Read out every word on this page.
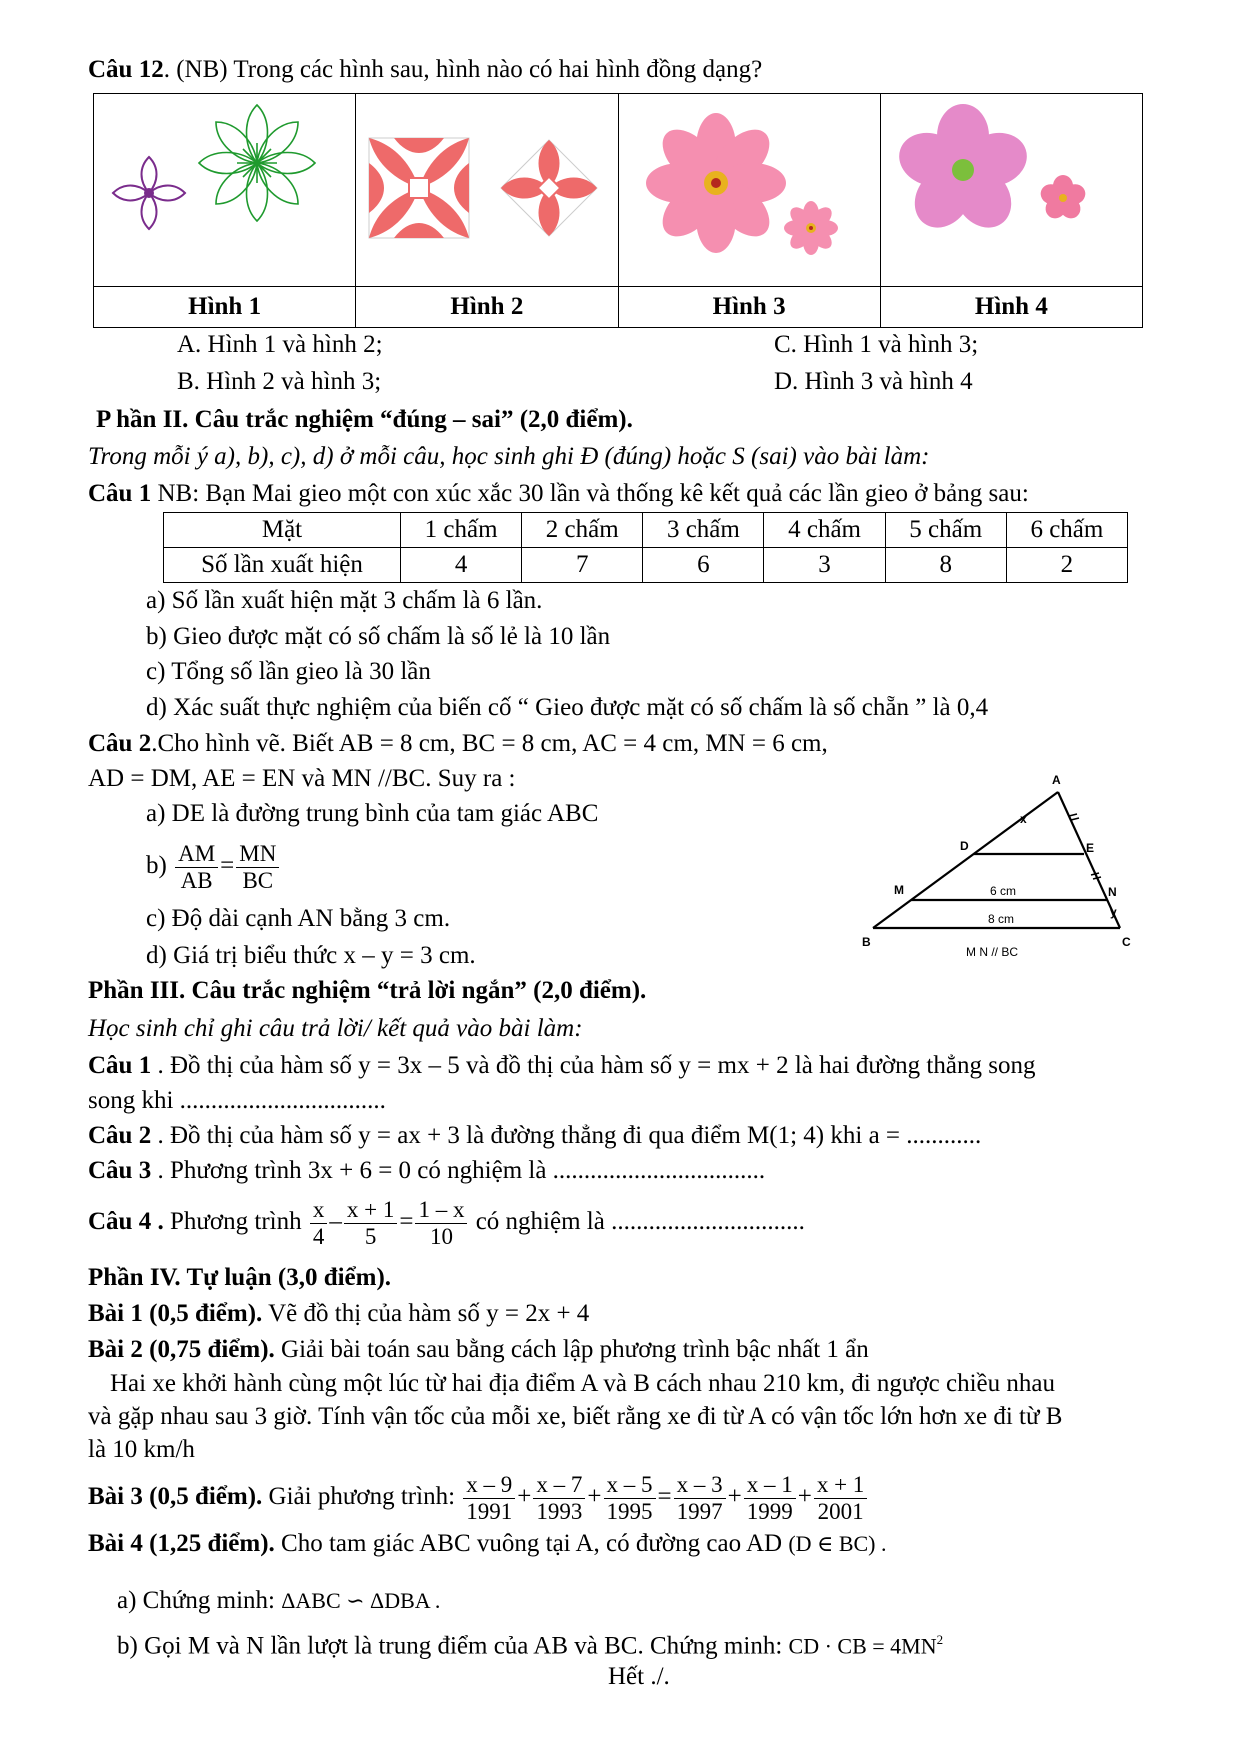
Câu 12. (NB) Trong các hình sau, hình nào có hai hình đồng dạng?

Hình 1	Hình 2	Hình 3	Hình 4
A. Hình 1 và hình 2;	C. Hình 1 và hình 3;
B. Hình 2 và hình 3;	D. Hình 3 và hình 4
P hần II. Câu trắc nghiệm “đúng – sai” (2,0 điểm).
Trong mỗi ý a), b), c), d) ở mỗi câu, học sinh ghi Đ (đúng) hoặc S (sai) vào bài làm:
Câu 1 NB: Bạn Mai gieo một con xúc xắc 30 lần và thống kê kết quả các lần gieo ở bảng sau:
Mặt	1 chấm	2 chấm	3 chấm	4 chấm	5 chấm	6 chấm
Số lần xuất hiện	4	7	6	3	8	2
a) Số lần xuất hiện mặt 3 chấm là 6 lần.
b) Gieo được mặt có số chấm là số lẻ là 10 lần
c) Tổng số lần gieo là 30 lần
d) Xác suất thực nghiệm của biến cố “ Gieo được mặt có số chấm là số chẵn ” là 0,4
Câu 2.Cho hình vẽ. Biết AB = 8 cm, BC = 8 cm, AC = 4 cm, MN = 6 cm,
AD = DM, AE = EN và MN //BC. Suy ra :
a) DE là đường trung bình của tam giác ABC
$b) \frac{AM}{AB} = \frac{MN}{BC}$
c) Độ dài cạnh AN bằng 3 cm.
d) Giá trị biểu thức x – y = 3 cm.
A
B	C
D	E
M	N
x
y
6 cm
8 cm
M N // BC
Phần III. Câu trắc nghiệm “trả lời ngắn” (2,0 điểm).
Học sinh chỉ ghi câu trả lời/ kết quả vào bài làm:
Câu 1 . Đồ thị của hàm số y = 3x – 5 và đồ thị của hàm số y = mx + 2 là hai đường thẳng song
song khi .................................
Câu 2 . Đồ thị của hàm số y = ax + 3 là đường thẳng đi qua điểm M(1; 4) khi a = ............
Câu 3 . Phương trình 3x + 6 = 0 có nghiệm là ..................................
Câu 4 . Phương trình $\frac{x}{4} - \frac{x + 1}{5} = \frac{1 - x}{10}$ có nghiệm là ...............................
Phần IV. Tự luận (3,0 điểm).
Bài 1 (0,5 điểm). Vẽ đồ thị của hàm số y = 2x + 4
Bài 2 (0,75 điểm). Giải bài toán sau bằng cách lập phương trình bậc nhất 1 ẩn
Hai xe khởi hành cùng một lúc từ hai địa điểm A và B cách nhau 210 km, đi ngược chiều nhau
và gặp nhau sau 3 giờ. Tính vận tốc của mỗi xe, biết rằng xe đi từ A có vận tốc lớn hơn xe đi từ B
là 10 km/h
Bài 3 (0,5 điểm). Giải phương trình: $\frac{x - 9}{1991} + \frac{x - 7}{1993} + \frac{x - 5}{1995} = \frac{x - 3}{1997} + \frac{x - 1}{1999} + \frac{x + 1}{2001}$
Bài 4 (1,25 điểm). Cho tam giác ABC vuông tại A, có đường cao AD (D ∈ BC) .
a) Chứng minh: ΔABC ∽ ΔDBA .
b) Gọi M và N lần lượt là trung điểm của AB và BC. Chứng minh: CD · CB = $4MN^2$
Hết ./.
